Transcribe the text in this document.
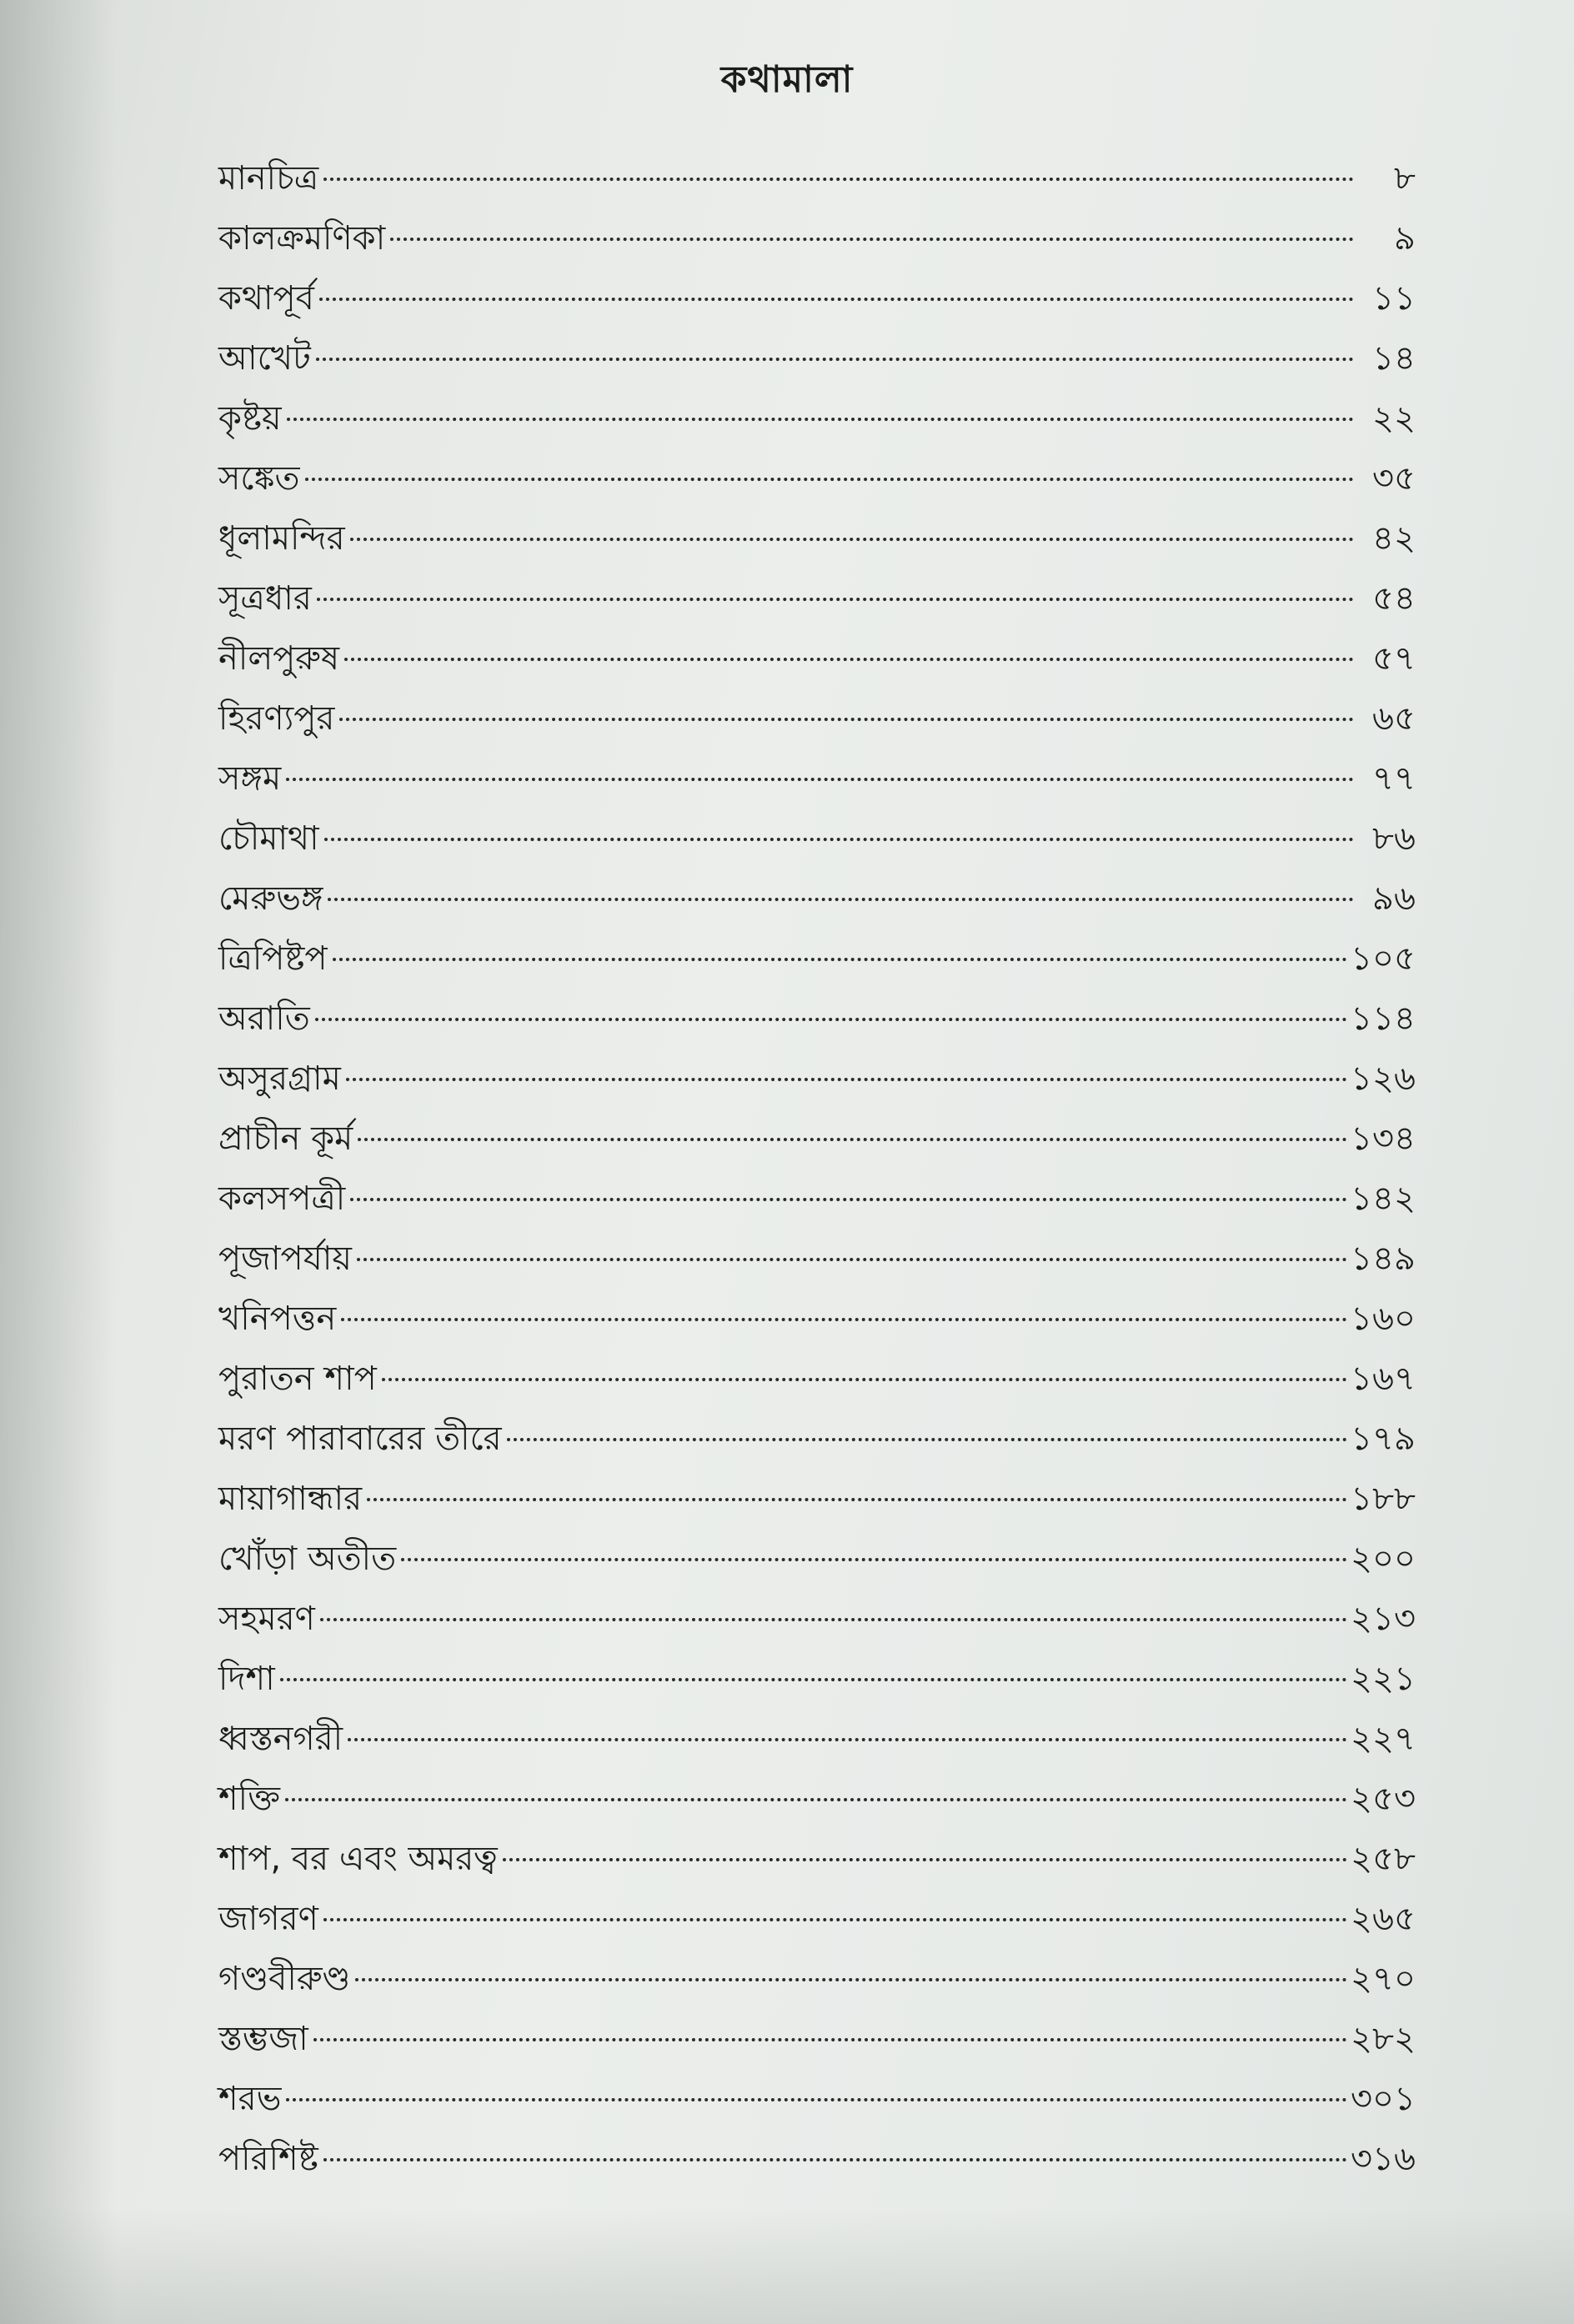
কথামালা
মানচিত্র	৮
কালক্রমণিকা	৯
কথাপূর্ব	১১
আখেট	১৪
কৃষ্টয়	২২
সঙ্কেত	৩৫
ধূলামন্দির	৪২
সূত্রধার	৫৪
নীলপুরুষ	৫৭
হিরণ্যপুর	৬৫
সঙ্গম	৭৭
চৌমাথা	৮৬
মেরুভঙ্গ	৯৬
ত্রিপিষ্টপ	১০৫
অরাতি	১১৪
অসুরগ্রাম	১২৬
প্রাচীন কূর্ম	১৩৪
কলসপত্রী	১৪২
পূজাপর্যায়	১৪৯
খনিপত্তন	১৬০
পুরাতন শাপ	১৬৭
মরণ পারাবারের তীরে	১৭৯
মায়াগান্ধার	১৮৮
খোঁড়া অতীত	২০০
সহমরণ	২১৩
দিশা	২২১
ধ্বস্তনগরী	২২৭
শক্তি	২৫৩
শাপ, বর এবং অমরত্ব	২৫৮
জাগরণ	২৬৫
গণ্ডবীরুণ্ড	২৭০
স্তম্ভজা	২৮২
শরভ	৩০১
পরিশিষ্ট	৩১৬
